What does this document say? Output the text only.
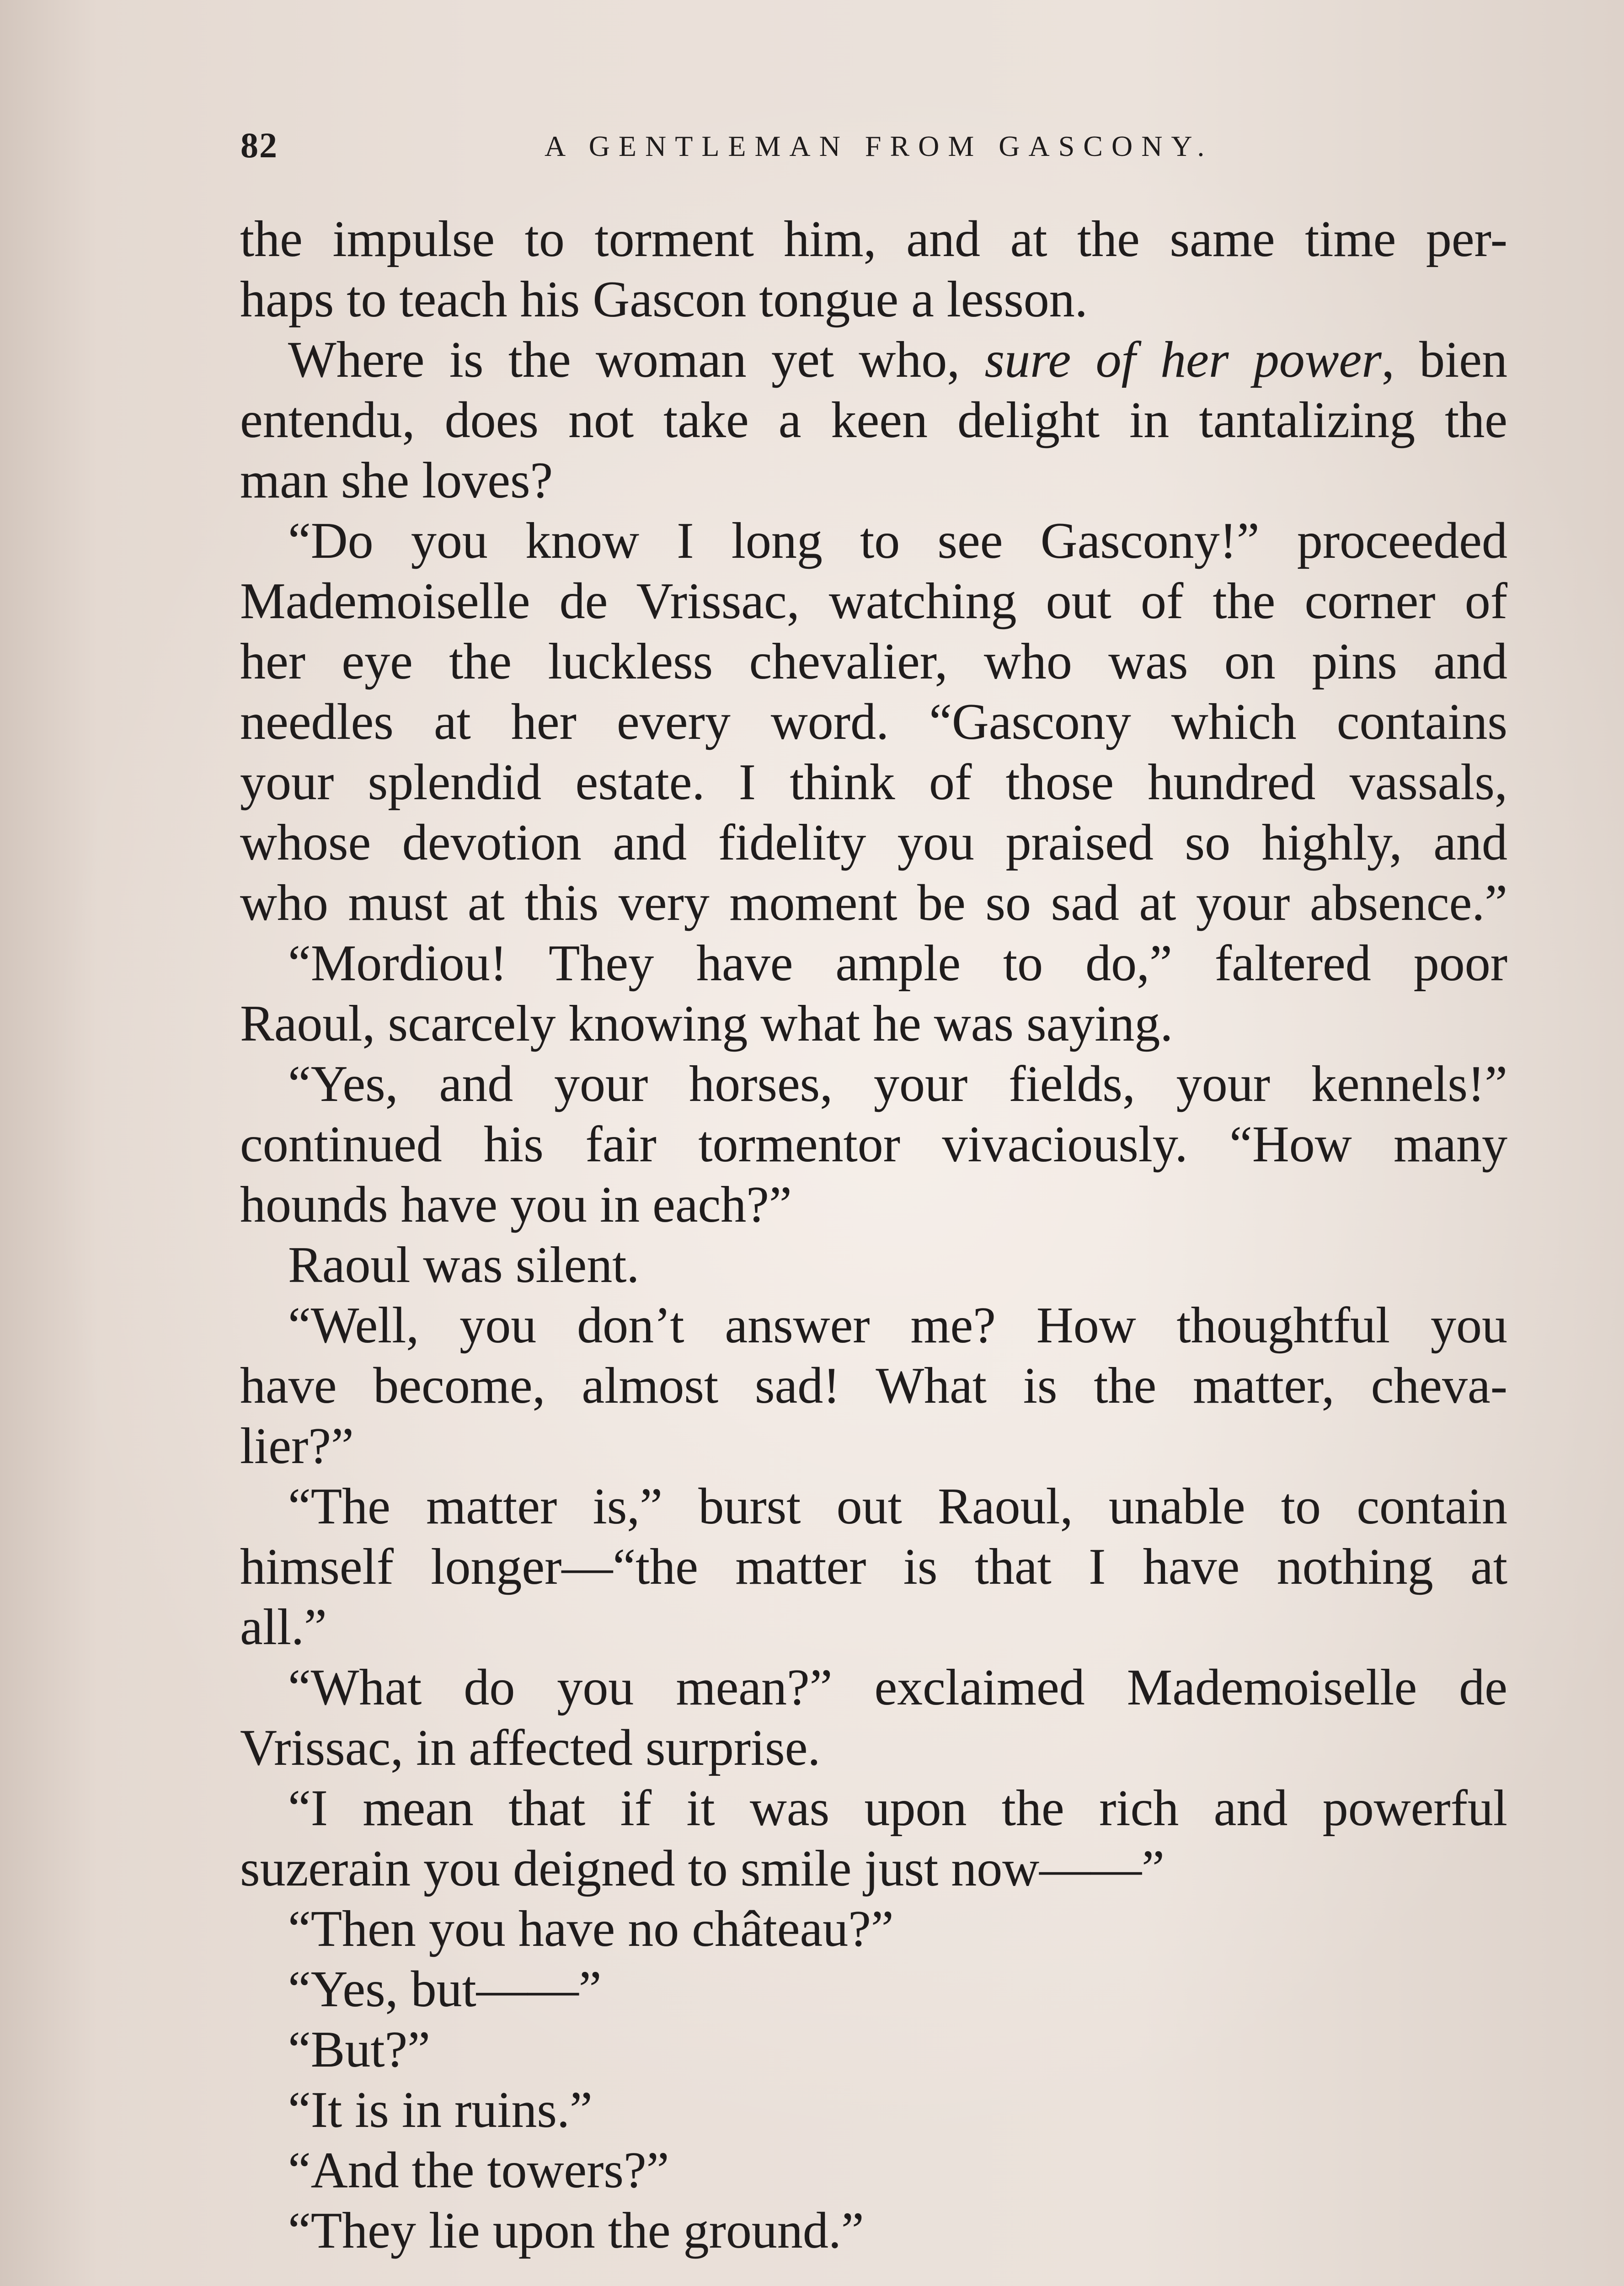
82	A GENTLEMAN FROM GASCONY.
the impulse to torment him, and at the same time per-
haps to teach his Gascon tongue a lesson.
Where is the woman yet who, sure of her power, bien
entendu, does not take a keen delight in tantalizing the
man she loves?
“Do you know I long to see Gascony!” proceeded
Mademoiselle de Vrissac, watching out of the corner of
her eye the luckless chevalier, who was on pins and
needles at her every word. “Gascony which contains
your splendid estate. I think of those hundred vassals,
whose devotion and fidelity you praised so highly, and
who must at this very moment be so sad at your absence.”
“Mordiou! They have ample to do,” faltered poor
Raoul, scarcely knowing what he was saying.
“Yes, and your horses, your fields, your kennels!”
continued his fair tormentor vivaciously. “How many
hounds have you in each?”
Raoul was silent.
“Well, you don’t answer me? How thoughtful you
have become, almost sad! What is the matter, cheva-
lier?”
“The matter is,” burst out Raoul, unable to contain
himself longer—“the matter is that I have nothing at
all.”
“What do you mean?” exclaimed Mademoiselle de
Vrissac, in affected surprise.
“I mean that if it was upon the rich and powerful
suzerain you deigned to smile just now——”
“Then you have no château?”
“Yes, but——”
“But?”
“It is in ruins.”
“And the towers?”
“They lie upon the ground.”
